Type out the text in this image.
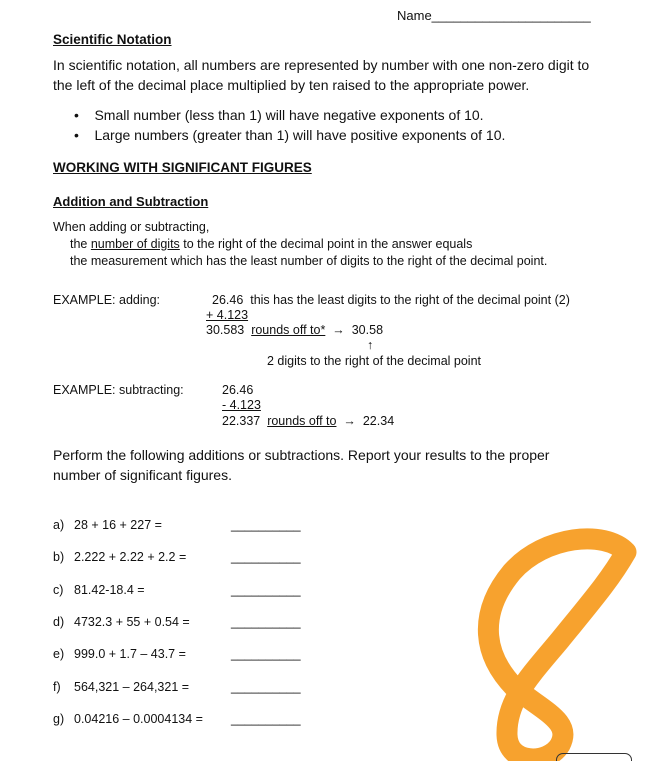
Name______________________
Scientific Notation
In scientific notation, all numbers are represented by number with one non-zero digit to
the left of the decimal place multiplied by ten raised to the appropriate power.
•    Small number (less than 1) will have negative exponents of 10.
•    Large numbers (greater than 1) will have positive exponents of 10.
WORKING WITH SIGNIFICANT FIGURES
Addition and Subtraction
When adding or subtracting,
the number of digits to the right of the decimal point in the answer equals
the measurement which has the least number of digits to the right of the decimal point.
EXAMPLE: adding:	26.46 this has the least digits to the right of the decimal point (2)
+ 4.123
30.583 rounds off to* → 30.58
↑
2 digits to the right of the decimal point
EXAMPLE: subtracting:	26.46
- 4.123
22.337 rounds off to → 22.34
Perform the following additions or subtractions. Report your results to the proper
number of significant figures.
a) 28 + 16 + 227 =	__________
b) 2.222 + 2.22 + 2.2 =	__________
c) 81.42-18.4 =	__________
d) 4732.3 + 55 + 0.54 =	__________
e) 999.0 + 1.7 – 43.7 =	__________
f) 564,321 – 264,321 =	__________
g) 0.04216 – 0.0004134 = __________
